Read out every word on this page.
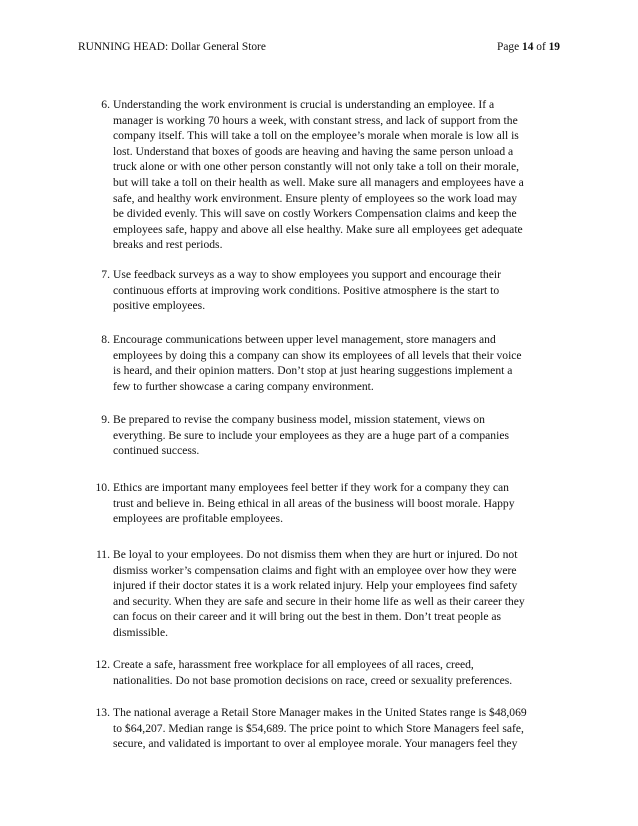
RUNNING HEAD: Dollar General Store	Page 14 of 19
6. Understanding the work environment is crucial is understanding an employee. If a
manager is working 70 hours a week, with constant stress, and lack of support from the
company itself. This will take a toll on the employee’s morale when morale is low all is
lost. Understand that boxes of goods are heaving and having the same person unload a
truck alone or with one other person constantly will not only take a toll on their morale,
but will take a toll on their health as well. Make sure all managers and employees have a
safe, and healthy work environment. Ensure plenty of employees so the work load may
be divided evenly. This will save on costly Workers Compensation claims and keep the
employees safe, happy and above all else healthy. Make sure all employees get adequate
breaks and rest periods.
7. Use feedback surveys as a way to show employees you support and encourage their
continuous efforts at improving work conditions. Positive atmosphere is the start to
positive employees.
8. Encourage communications between upper level management, store managers and
employees by doing this a company can show its employees of all levels that their voice
is heard, and their opinion matters. Don’t stop at just hearing suggestions implement a
few to further showcase a caring company environment.
9. Be prepared to revise the company business model, mission statement, views on
everything. Be sure to include your employees as they are a huge part of a companies
continued success.
10. Ethics are important many employees feel better if they work for a company they can
trust and believe in. Being ethical in all areas of the business will boost morale. Happy
employees are profitable employees.
11. Be loyal to your employees. Do not dismiss them when they are hurt or injured. Do not
dismiss worker’s compensation claims and fight with an employee over how they were
injured if their doctor states it is a work related injury. Help your employees find safety
and security. When they are safe and secure in their home life as well as their career they
can focus on their career and it will bring out the best in them. Don’t treat people as
dismissible.
12. Create a safe, harassment free workplace for all employees of all races, creed,
nationalities. Do not base promotion decisions on race, creed or sexuality preferences.
13. The national average a Retail Store Manager makes in the United States range is $48,069
to $64,207. Median range is $54,689. The price point to which Store Managers feel safe,
secure, and validated is important to over al employee morale. Your managers feel they
